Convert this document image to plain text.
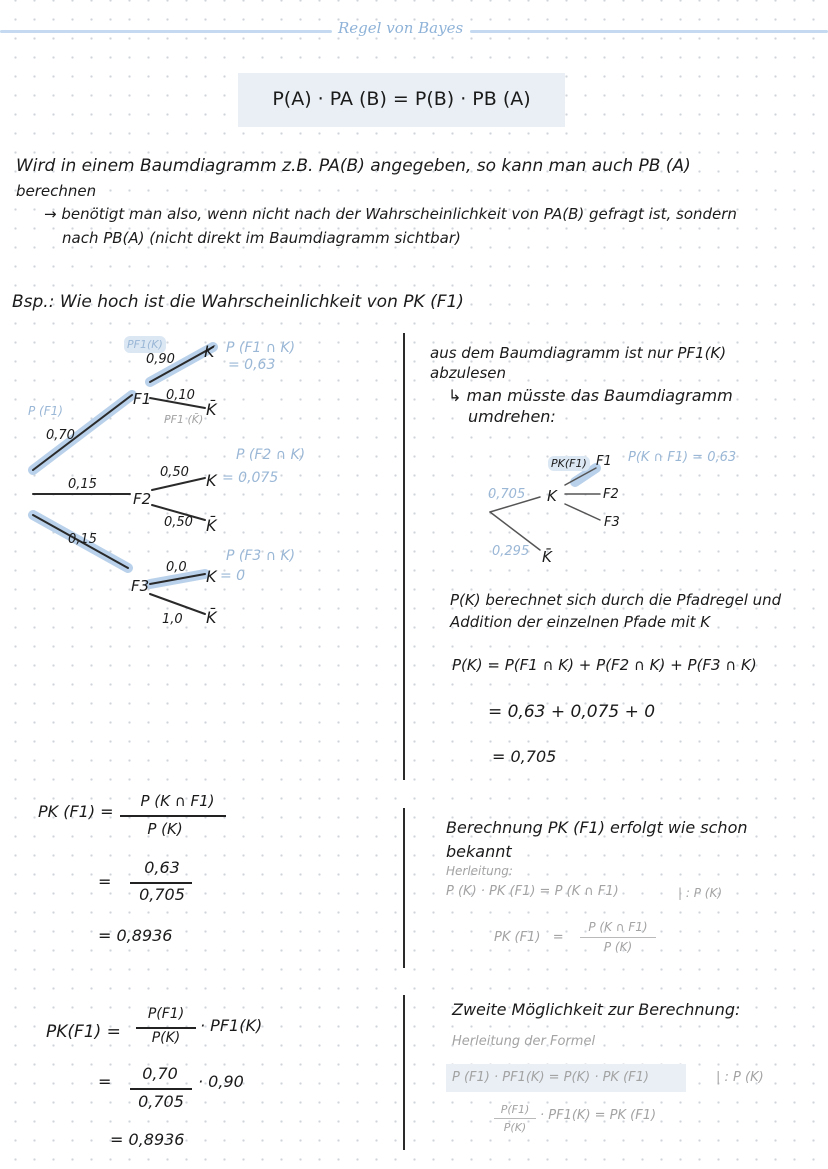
Regel von Bayes
P(A) · PA (B) = P(B) · PB (A)
Wird in einem Baumdiagramm z.B. PA(B) angegeben, so kann man auch PB (A)
berechnen
→ benötigt man also, wenn nicht nach der Wahrscheinlichkeit von PA(B) gefragt ist, sondern
nach PB(A) (nicht direkt im Baumdiagramm sichtbar)
Bsp.: Wie hoch ist die Wahrscheinlichkeit von PK (F1)
PF1(K)
0,90 K P (F1 ∩ K)
= 0,63
P (F1)
0,70
F1 0,10
PF1 (K̄)
K̄
0,15
F2
0,50 K
P (F2 ∩ K)
= 0,075
0,50 K̄
0,15
F3
0,0 K
P (F3 ∩ K)
= 0
1,0 K̄
aus dem Baumdiagramm ist nur PF1(K)
abzulesen
↳ man müsste das Baumdiagramm
umdrehen:
PK(F1) F1 P(K ∩ F1) = 0,63
0,705 K	F2
F3
0,295 K̄
P(K) berechnet sich durch die Pfadregel und
Addition der einzelnen Pfade mit K
P(K) = P(F1 ∩ K) + P(F2 ∩ K) + P(F3 ∩ K)
= 0,63 + 0,075 + 0
= 0,705
PK (F1) =
P (K ∩ F1)
P (K)
=
0,63
0,705
= 0,8936
Berechnung PK (F1) erfolgt wie schon
bekannt
Herleitung:
P (K) · PK (F1) = P (K ∩ F1)	| : P (K)
PK (F1)   =
P (K ∩ F1)
P (K)
PK(F1) =
P(F1)
P(K)
· PF1(K)
=	0,70
0,705
· 0,90
= 0,8936
Zweite Möglichkeit zur Berechnung:
Herleitung der Formel
P (F1) · PF1(K) = P(K) · PK (F1)	| : P (K)
P(F1)
P(K)
· PF1(K) = PK (F1)
